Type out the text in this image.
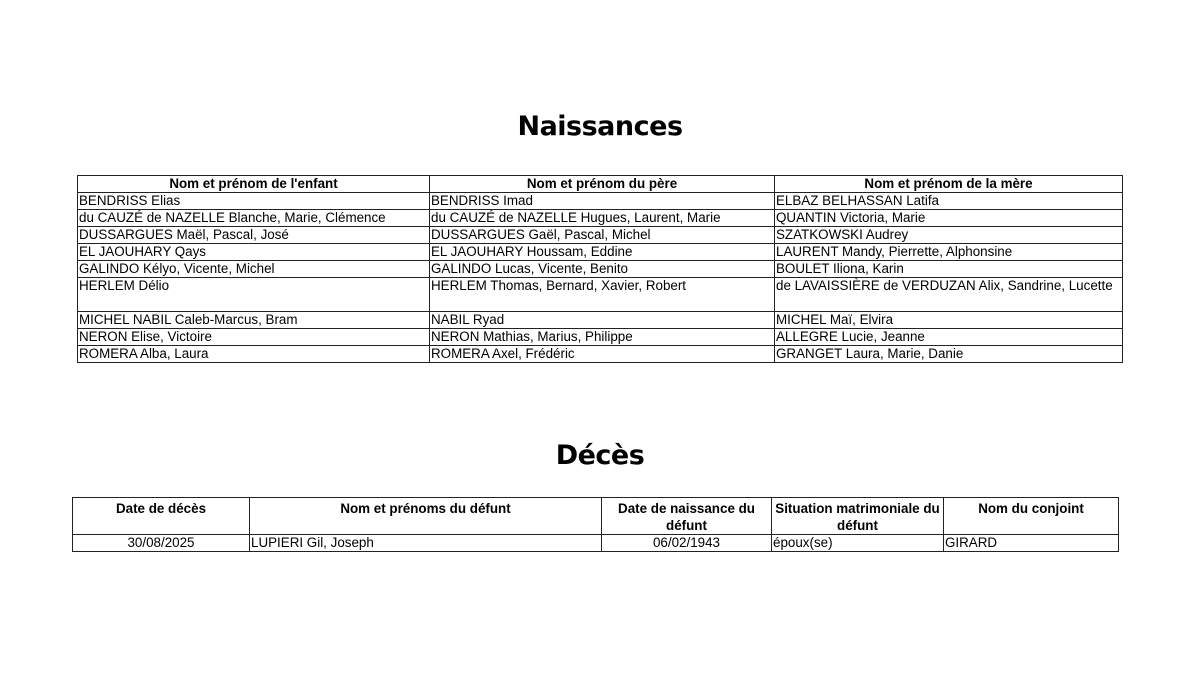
Naissances
Nom et prénom de l'enfant	Nom et prénom du père	Nom et prénom de la mère
BENDRISS Elias	BENDRISS Imad	ELBAZ BELHASSAN Latifa
du CAUZÉ de NAZELLE Blanche, Marie, Clémence	du CAUZÉ de NAZELLE Hugues, Laurent, Marie	QUANTIN Victoria, Marie
DUSSARGUES Maël, Pascal, José	DUSSARGUES Gaël, Pascal, Michel	SZATKOWSKI Audrey
EL JAOUHARY Qays	EL JAOUHARY Houssam, Eddine	LAURENT Mandy, Pierrette, Alphonsine
GALINDO Kélyo, Vicente, Michel	GALINDO Lucas, Vicente, Benito	BOULET Iliona, Karin
HERLEM Délio	HERLEM Thomas, Bernard, Xavier, Robert	de LAVAISSIÈRE de VERDUZAN Alix, Sandrine, Lucette
MICHEL NABIL Caleb-Marcus, Bram	NABIL Ryad	MICHEL Maï, Elvira
NERON Elise, Victoire	NERON Mathias, Marius, Philippe	ALLEGRE Lucie, Jeanne
ROMERA Alba, Laura	ROMERA Axel, Frédéric	GRANGET Laura, Marie, Danie
Décès
Date de décès	Nom et prénoms du défunt	Date de naissance du défunt	Situation matrimoniale du défunt	Nom du conjoint
30/08/2025	LUPIERI Gil, Joseph	06/02/1943	époux(se)	GIRARD
